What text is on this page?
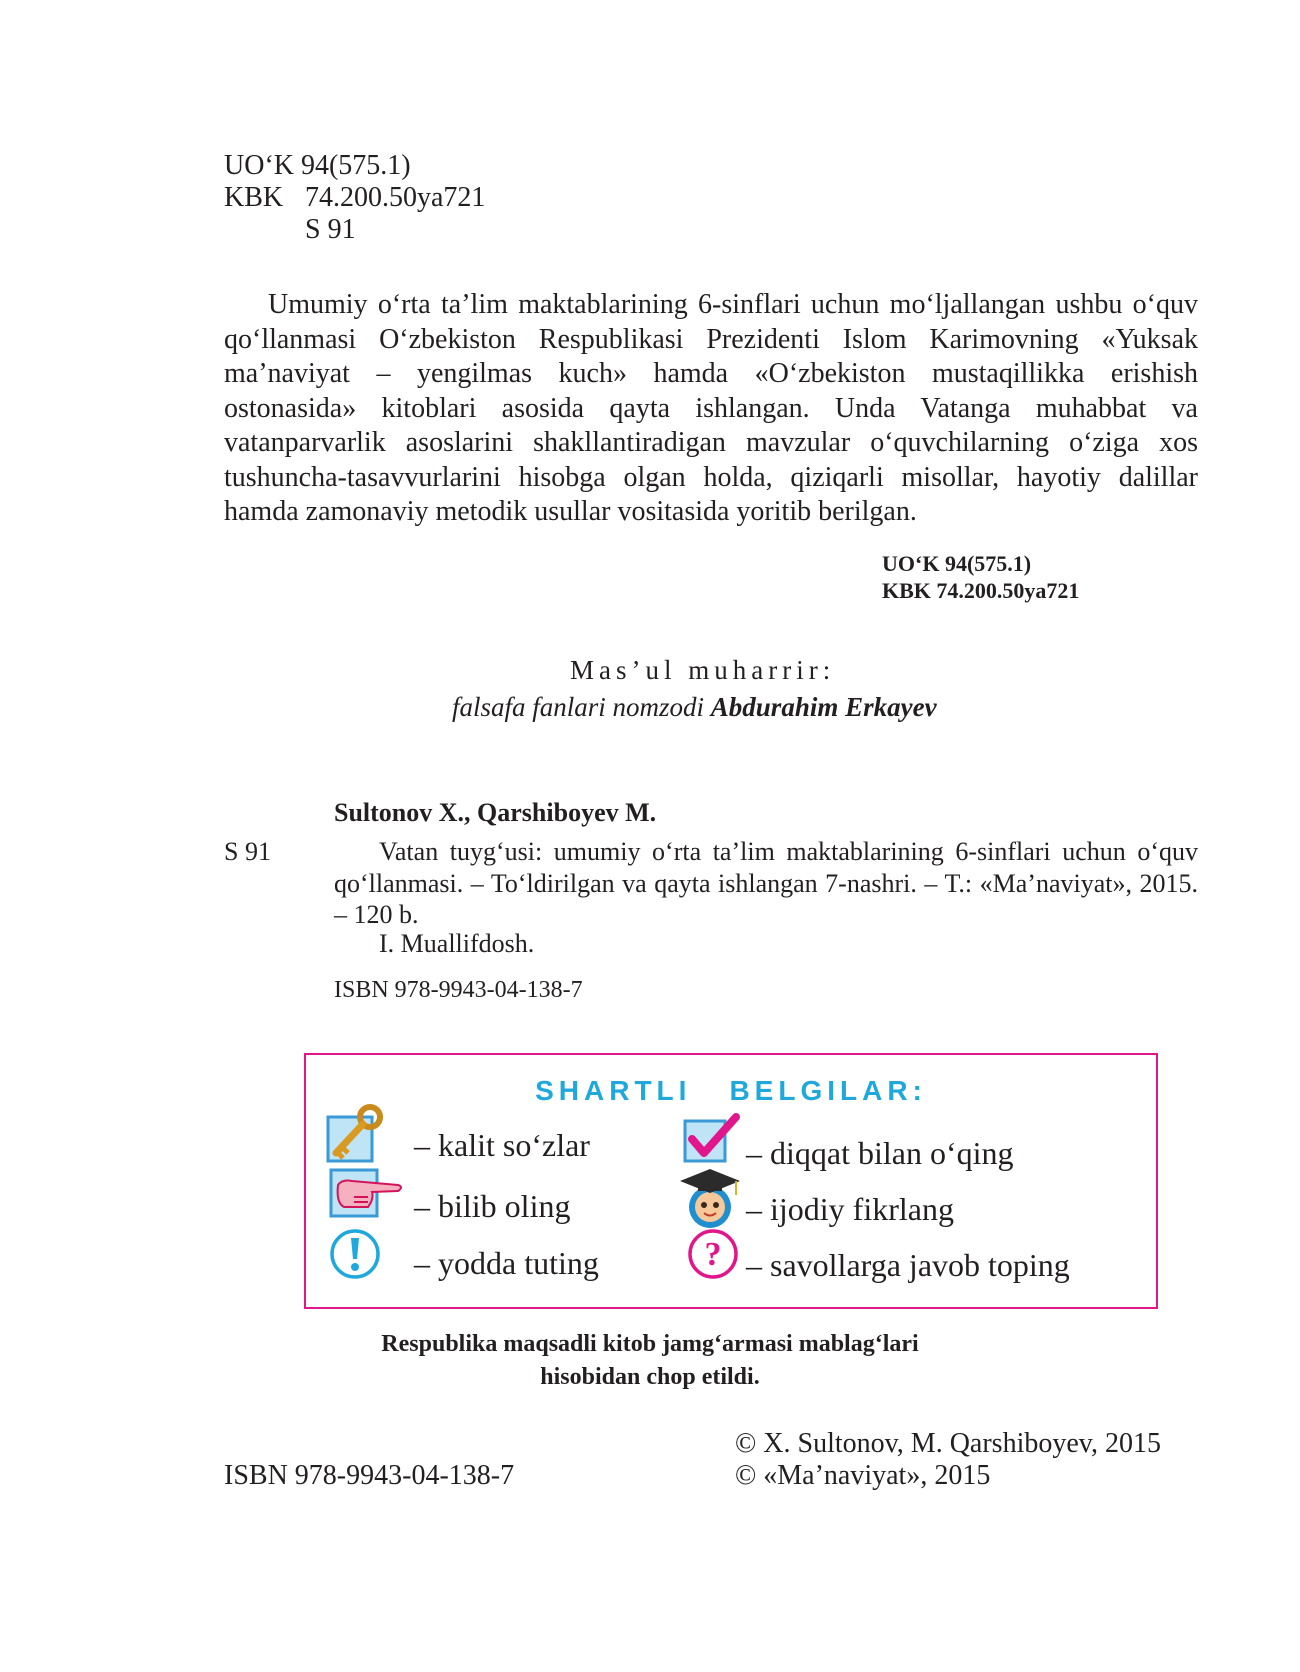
UO‘K 94(575.1)
KBK 74.200.50ya721
S 91
Umumiy o‘rta ta’lim maktablarining 6-sinflari uchun mo‘ljallangan ushbu o‘quv qo‘llanmasi O‘zbekiston Respublikasi Prezidenti Islom Karimovning «Yuksak ma’naviyat – yengilmas kuch» hamda «O‘zbekiston mustaqillikka erishish ostonasida» kitoblari asosida qayta ishlangan. Unda Vatanga muhabbat va vatanparvarlik asoslarini shakllantiradigan mavzular o‘quvchilarning o‘ziga xos tushuncha-tasavvurlarini hisobga olgan holda, qiziqarli misollar, hayotiy dalillar hamda zamonaviy metodik usullar vositasida yoritib berilgan.
UO‘K 94(575.1)
KBK 74.200.50ya721
Mas’ul muharrir:
falsafa fanlari nomzodi Abdurahim Erkayev
Sultonov X., Qarshiboyev M.
S 91	Vatan tuyg‘usi: umumiy o‘rta ta’lim maktablarining 6-sinflari uchun o‘quv qo‘llanmasi. – To‘ldirilgan va qayta ishlangan 7-nashri. – T.: «Ma’naviyat», 2015. – 120 b.
I. Muallifdosh.
ISBN 978-9943-04-138-7
SHARTLI BELGILAR:
– kalit so‘zlar
– bilib oling
– yodda tuting
– diqqat bilan o‘qing
– ijodiy fikrlang
? – savollarga javob toping
Respublika maqsadli kitob jamg‘armasi mablag‘lari
hisobidan chop etildi.
© X. Sultonov, M. Qarshiboyev, 2015
ISBN 978-9943-04-138-7	© «Ma’naviyat», 2015
